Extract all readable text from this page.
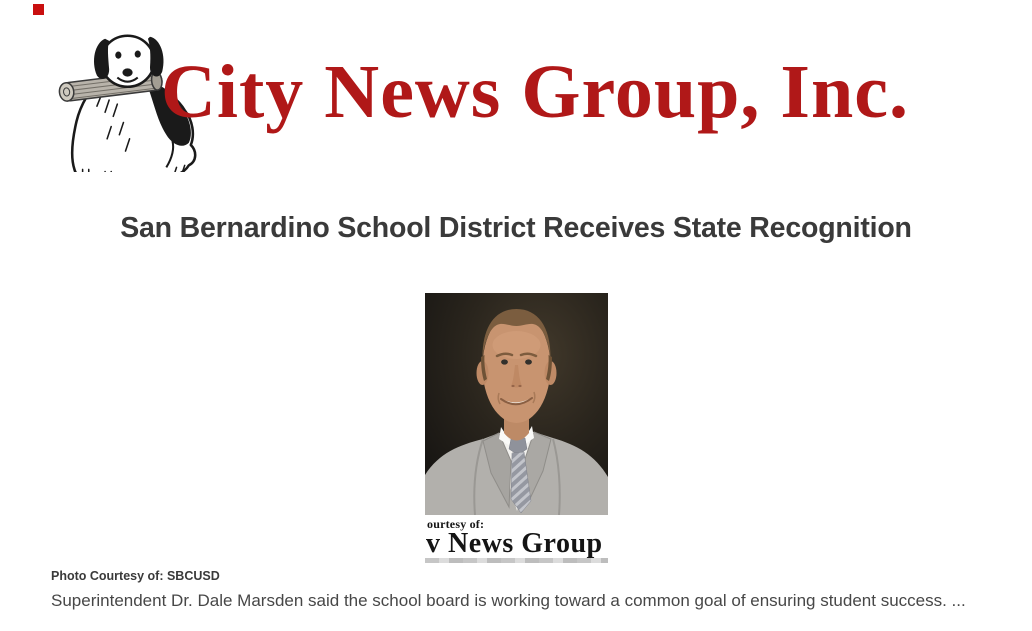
City News Group, Inc.
San Bernardino School District Receives State Recognition
ourtesy of:
v News Group
Photo Courtesy of: SBCUSD

Superintendent Dr. Dale Marsden said the school board is working toward a common goal of ensuring student success. ...
